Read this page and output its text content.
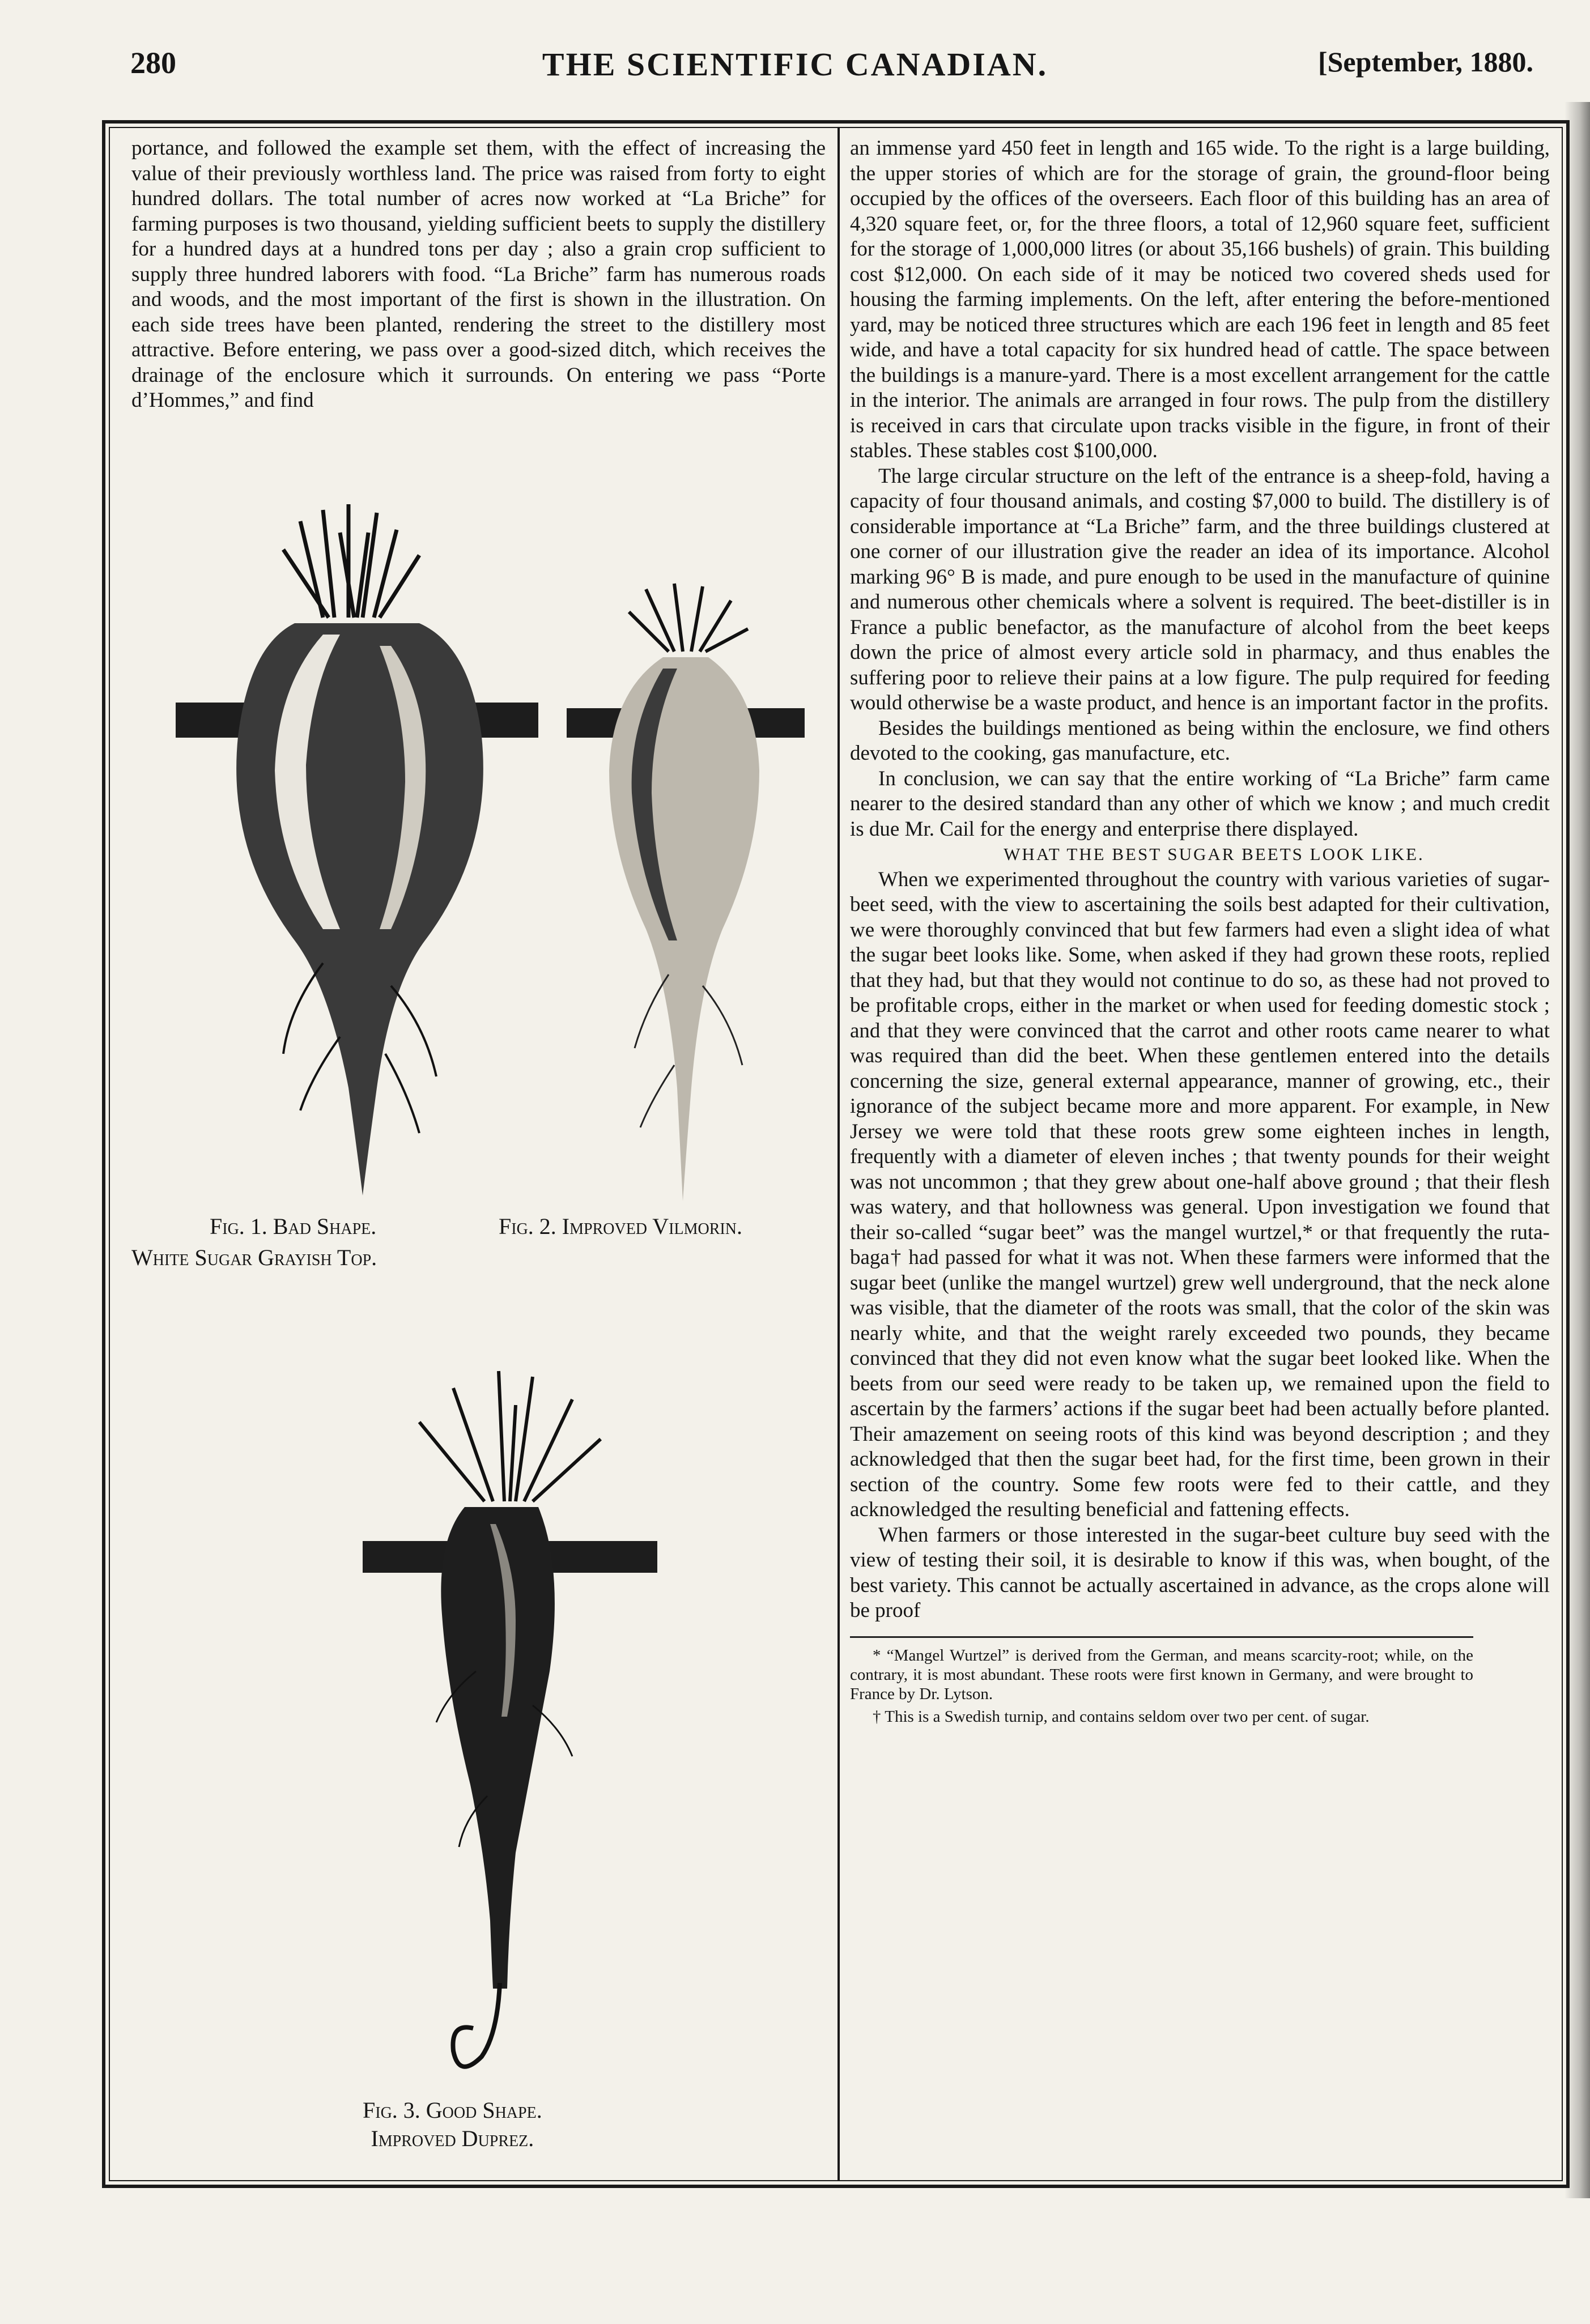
280	THE SCIENTIFIC CANADIAN.	[September, 1880.

portance, and followed the example set them, with the effect of increasing the value of their previously worthless land. The price was raised from forty to eight hundred dollars. The total number of acres now worked at “La Briche” for farming purposes is two thousand, yielding sufficient beets to supply the distillery for a hundred days at a hundred tons per day ; also a grain crop sufficient to supply three hundred laborers with food. “La Briche” farm has numerous roads and woods, and the most important of the first is shown in the illustration. On each side trees have been planted, rendering the street to the distillery most attractive. Before entering, we pass over a good-sized ditch, which receives the drainage of the enclosure which it surrounds. On entering we pass “Porte d’Hommes,” and find

Fig. 1. Bad Shape.	Fig. 2. Improved Vilmorin.
White Sugar Grayish Top.
Fig. 3. Good Shape.
Improved Duprez.

an immense yard 450 feet in length and 165 wide. To the right is a large building, the upper stories of which are for the storage of grain, the ground-floor being occupied by the offices of the overseers. Each floor of this building has an area of 4,320 square feet, or, for the three floors, a total of 12,960 square feet, sufficient for the storage of 1,000,000 litres (or about 35,166 bushels) of grain. This building cost $12,000. On each side of it may be noticed two covered sheds used for housing the farming implements. On the left, after entering the before-mentioned yard, may be noticed three structures which are each 196 feet in length and 85 feet wide, and have a total capacity for six hundred head of cattle. The space between the buildings is a manure-yard. There is a most excellent arrangement for the cattle in the interior. The animals are arranged in four rows. The pulp from the distillery is received in cars that circulate upon tracks visible in the figure, in front of their stables. These stables cost $100,000.

The large circular structure on the left of the entrance is a sheep-fold, having a capacity of four thousand animals, and costing $7,000 to build. The distillery is of considerable importance at “La Briche” farm, and the three buildings clustered at one corner of our illustration give the reader an idea of its importance. Alcohol marking 96° B is made, and pure enough to be used in the manufacture of quinine and numerous other chemicals where a solvent is required. The beet-distiller is in France a public benefactor, as the manufacture of alcohol from the beet keeps down the price of almost every article sold in pharmacy, and thus enables the suffering poor to relieve their pains at a low figure. The pulp required for feeding would otherwise be a waste product, and hence is an important factor in the profits.

Besides the buildings mentioned as being within the enclosure, we find others devoted to the cooking, gas manufacture, etc.

In conclusion, we can say that the entire working of “La Briche” farm came nearer to the desired standard than any other of which we know ; and much credit is due Mr. Cail for the energy and enterprise there displayed.

WHAT THE BEST SUGAR BEETS LOOK LIKE.

When we experimented throughout the country with various varieties of sugar-beet seed, with the view to ascertaining the soils best adapted for their cultivation, we were thoroughly convinced that but few farmers had even a slight idea of what the sugar beet looks like. Some, when asked if they had grown these roots, replied that they had, but that they would not continue to do so, as these had not proved to be profitable crops, either in the market or when used for feeding domestic stock ; and that they were convinced that the carrot and other roots came nearer to what was required than did the beet. When these gentlemen entered into the details concerning the size, general external appearance, manner of growing, etc., their ignorance of the subject became more and more apparent. For example, in New Jersey we were told that these roots grew some eighteen inches in length, frequently with a diameter of eleven inches ; that twenty pounds for their weight was not uncommon ; that they grew about one-half above ground ; that their flesh was watery, and that hollowness was general. Upon investigation we found that their so-called “sugar beet” was the mangel wurtzel,* or that frequently the ruta-baga† had passed for what it was not. When these farmers were informed that the sugar beet (unlike the mangel wurtzel) grew well underground, that the neck alone was visible, that the diameter of the roots was small, that the color of the skin was nearly white, and that the weight rarely exceeded two pounds, they became convinced that they did not even know what the sugar beet looked like. When the beets from our seed were ready to be taken up, we remained upon the field to ascertain by the farmers’ actions if the sugar beet had been actually before planted. Their amazement on seeing roots of this kind was beyond description ; and they acknowledged that then the sugar beet had, for the first time, been grown in their section of the country. Some few roots were fed to their cattle, and they acknowledged the resulting beneficial and fattening effects.

When farmers or those interested in the sugar-beet culture buy seed with the view of testing their soil, it is desirable to know if this was, when bought, of the best variety. This cannot be actually ascertained in advance, as the crops alone will be proof

* “Mangel Wurtzel” is derived from the German, and means scarcity-root; while, on the contrary, it is most abundant. These roots were first known in Germany, and were brought to France by Dr. Lytson.

† This is a Swedish turnip, and contains seldom over two per cent. of sugar.
